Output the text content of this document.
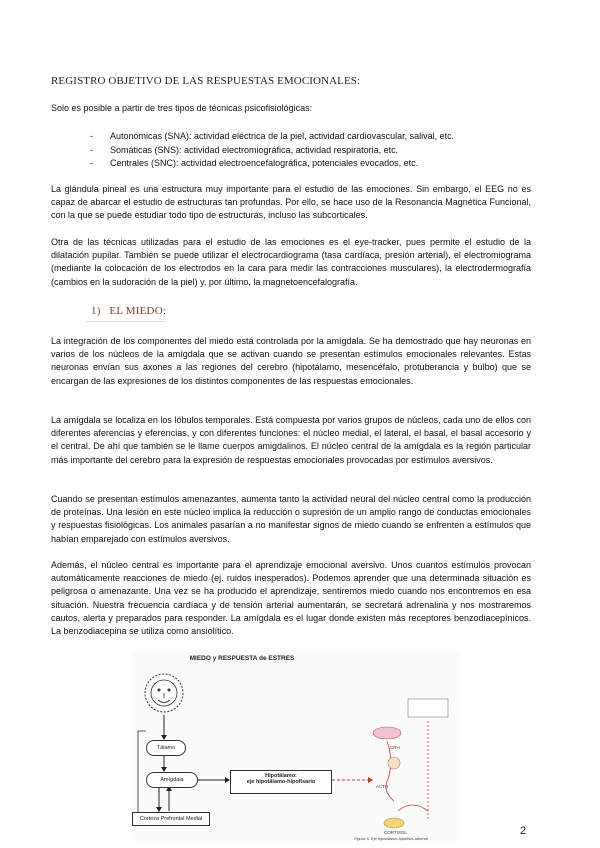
REGISTRO OBJETIVO DE LAS RESPUESTAS EMOCIONALES:

Solo es posible a partir de tres tipos de técnicas psicofisiológicas:

- Autonómicas (SNA): actividad eléctrica de la piel, actividad cardiovascular, salival, etc.
- Somáticas (SNS): actividad electromiográfica, actividad respiratoria, etc.
- Centrales (SNC): actividad electroencefalográfica, potenciales evocados, etc.

La glándula pineal es una estructura muy importante para el estudio de las emociones. Sin embargo, el EEG no es capaz de abarcar el estudio de estructuras tan profundas. Por ello, se hace uso de la Resonancia Magnética Funcional, con la que se puede estudiar todo tipo de estructuras, incluso las subcorticales.

Otra de las técnicas utilizadas para el estudio de las emociones es el eye-tracker, pues permite el estudio de la dilatación pupilar. También se puede utilizar el electrocardiograma (tasa cardíaca, presión arterial), el electromiograma (mediante la colocación de los electrodos en la cara para medir las contracciones musculares), la electrodermografía (cambios en la sudoración de la piel) y, por último, la magnetoencefalografía.

1)   EL MIEDO:

La integración de los componentes del miedo está controlada por la amígdala. Se ha demostrado que hay neuronas en varios de los núcleos de la amígdala que se activan cuando se presentan estímulos emocionales relevantes. Estas neuronas envían sus axones a las regiones del cerebro (hipotálamo, mesencéfalo, protuberancia y bulbo) que se encargan de las expresiones de los distintos componentes de las respuestas emocionales.

La amígdala se localiza en los lóbulos temporales. Está compuesta por varios grupos de núcleos, cada uno de ellos con diferentes aferencias y eferencias, y con diferentes funciones: el núcleo medial, el lateral, el basal, el basal accesorio y el central. De ahí que también se le llame cuerpos amigdalinos. El núcleo central de la amígdala es la región particular más importante del cerebro para la expresión de respuestas emocionales provocadas por estímulos aversivos.

Cuando se presentan estímulos amenazantes, aumenta tanto la actividad neural del núcleo central como la producción de proteínas. Una lesión en este núcleo implica la reducción o supresión de un amplio rango de conductas emocionales y respuestas fisiológicas. Los animales pasarían a no manifestar signos de miedo cuando se enfrenten a estímulos que habían emparejado con estímulos aversivos.

Además, el núcleo central es importante para el aprendizaje emocional aversivo. Unos cuantos estímulos provocan automáticamente reacciones de miedo (ej. ruidos inesperados). Podemos aprender que una determinada situación es peligrosa o amenazante. Una vez se ha producido el aprendizaje, sentiremos miedo cuando nos encontremos en esa situación. Nuestra frecuencia cardíaca y de tensión arterial aumentarán, se secretará adrenalina y nos mostraremos cautos, alerta y preparados para responder. La amígdala es el lugar donde existen más receptores benzodiacepínicos. La benzodiacepina se utiliza como ansiolítico.

MIEDO y RESPUESTA de ESTRES
Tálamo
Amígdala
Corteza Prefrontal Medial
Hipotálamo:
eje hipotálamo-hipofisario
CRH
ACTH
CORTISOL
Figura 5. Eje hipotálamo-hipófisis-adrenal
2
